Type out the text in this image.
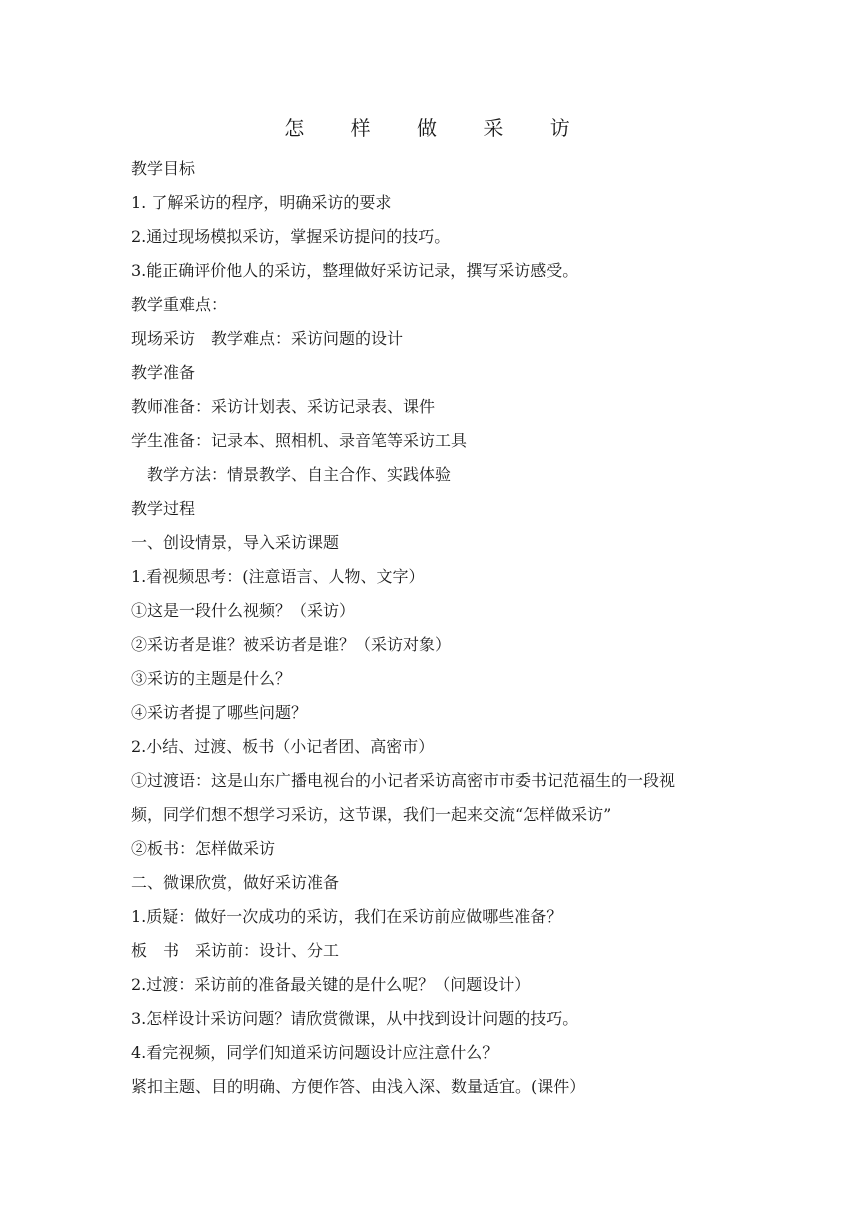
怎 样 做 采 访
教学目标
1. 了解采访的程序，明确采访的要求
2.通过现场模拟采访，掌握采访提问的技巧。
3.能正确评价他人的采访，整理做好采访记录，撰写采访感受。
教学重难点：
现场采访　教学难点：采访问题的设计
教学准备
教师准备：采访计划表、采访记录表、课件
学生准备：记录本、照相机、录音笔等采访工具
教学方法：情景教学、自主合作、实践体验
教学过程
一、创设情景，导入采访课题
1.看视频思考：(注意语言、人物、文字）
①这是一段什么视频？（采访）
②采访者是谁？被采访者是谁？（采访对象）
③采访的主题是什么？
④采访者提了哪些问题？
2.小结、过渡、板书（小记者团、高密市）
①过渡语：这是山东广播电视台的小记者采访高密市市委书记范福生的一段视
频，同学们想不想学习采访，这节课，我们一起来交流“怎样做采访”
②板书：怎样做采访
二、微课欣赏，做好采访准备
1.质疑：做好一次成功的采访，我们在采访前应做哪些准备？
板　书　采访前：设计、分工
2.过渡：采访前的准备最关键的是什么呢？（问题设计）
3.怎样设计采访问题？请欣赏微课，从中找到设计问题的技巧。
4.看完视频，同学们知道采访问题设计应注意什么？
紧扣主题、目的明确、方便作答、由浅入深、数量适宜。(课件）
